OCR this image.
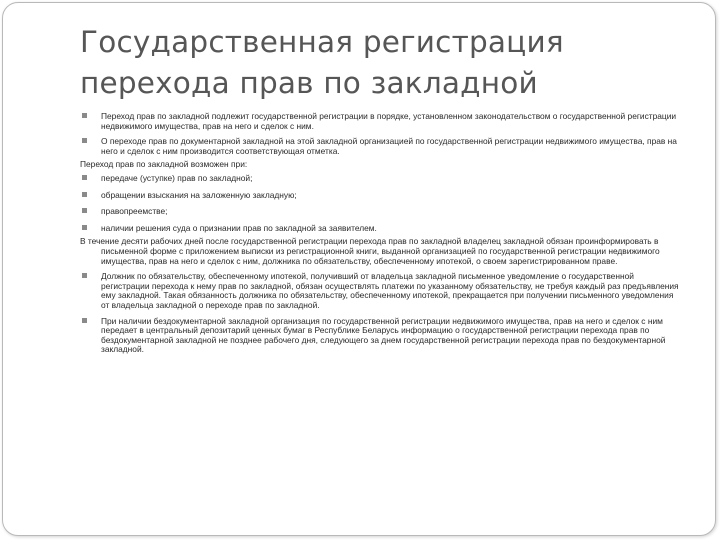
Государственная регистрация
перехода прав по закладной
Переход прав по закладной подлежит государственной регистрации в порядке, установленном законодательством о государственной регистрации недвижимого имущества, прав на него и сделок с ним.
О переходе прав по документарной закладной на этой закладной организацией по государственной регистрации недвижимого имущества, прав на него и сделок с ним производится соответствующая отметка.
Переход прав по закладной возможен при:
передаче (уступке) прав по закладной;
обращении взыскания на заложенную закладную;
правопреемстве;
наличии решения суда о признании прав по закладной за заявителем.
В течение десяти рабочих дней после государственной регистрации перехода прав по закладной владелец закладной обязан проинформировать в письменной форме с приложением выписки из регистрационной книги, выданной организацией по государственной регистрации недвижимого имущества, прав на него и сделок с ним, должника по обязательству, обеспеченному ипотекой, о своем зарегистрированном праве.
Должник по обязательству, обеспеченному ипотекой, получивший от владельца закладной письменное уведомление о государственной регистрации перехода к нему прав по закладной, обязан осуществлять платежи по указанному обязательству, не требуя каждый раз предъявления ему закладной. Такая обязанность должника по обязательству, обеспеченному ипотекой, прекращается при получении письменного уведомления от владельца закладной о переходе прав по закладной.
При наличии бездокументарной закладной организация по государственной регистрации недвижимого имущества, прав на него и сделок с ним передает в центральный депозитарий ценных бумаг в Республике Беларусь информацию о государственной регистрации перехода прав по бездокументарной закладной не позднее рабочего дня, следующего за днем государственной регистрации перехода прав по бездокументарной закладной.
